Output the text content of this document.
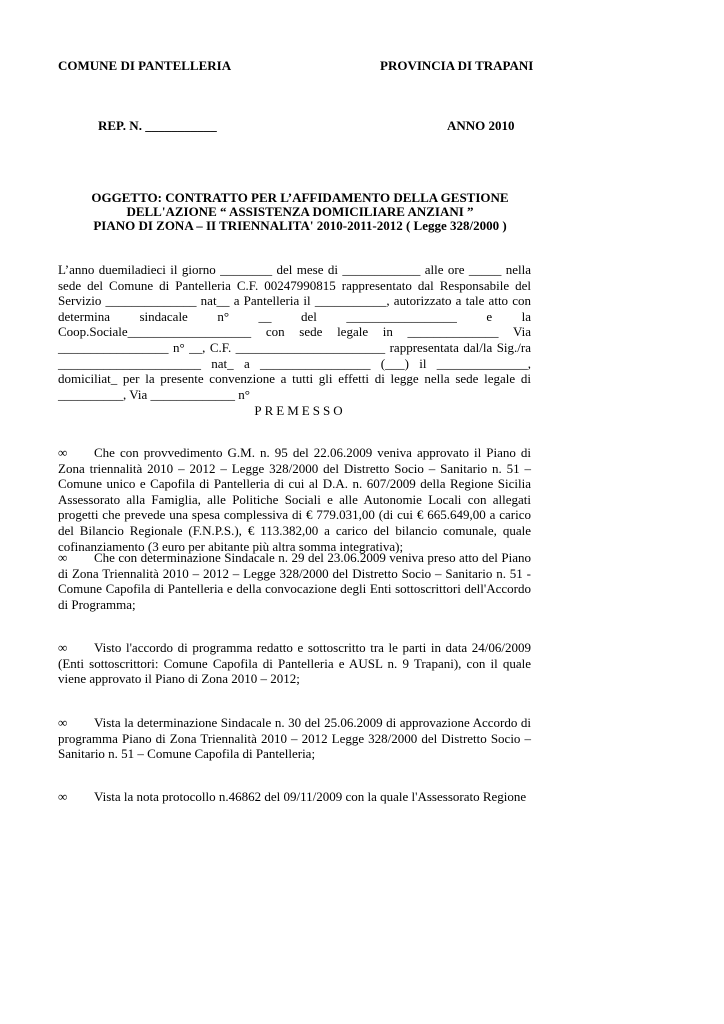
COMUNE DI PANTELLERIA	PROVINCIA DI TRAPANI
REP. N. ___________	ANNO 2010
OGGETTO: CONTRATTO PER L’AFFIDAMENTO DELLA GESTIONE
DELL'AZIONE “ ASSISTENZA DOMICILIARE ANZIANI ”
PIANO DI ZONA – II TRIENNALITA' 2010-2011-2012 ( Legge 328/2000 )
L’anno duemiladieci il giorno ________ del mese di ____________ alle ore _____ nella sede del Comune di Pantelleria C.F. 00247990815 rappresentato dal Responsabile del Servizio ______________ nat__ a Pantelleria il ___________, autorizzato a tale atto con determina sindacale n° __ del _________________ e la Coop.Sociale___________________ con sede legale in ______________ Via _________________ n° __, C.F. _______________________ rappresentata dal/la Sig./ra ______________________ nat_ a _________________ (___) il ______________, domiciliat_ per la presente convenzione a tutti gli effetti di legge nella sede legale di __________, Via _____________ n°
PREMESSO
∞ Che con provvedimento G.M. n. 95 del 22.06.2009 veniva approvato il Piano di Zona triennalità 2010 – 2012 – Legge 328/2000 del Distretto Socio – Sanitario n. 51 – Comune unico e Capofila di Pantelleria di cui al D.A. n. 607/2009 della Regione Sicilia Assessorato alla Famiglia, alle Politiche Sociali e alle Autonomie Locali con allegati progetti che prevede una spesa complessiva di € 779.031,00 (di cui € 665.649,00 a carico del Bilancio Regionale (F.N.P.S.), € 113.382,00 a carico del bilancio comunale, quale cofinanziamento (3 euro per abitante più altra somma integrativa);
∞ Che con determinazione Sindacale n. 29 del 23.06.2009 veniva preso atto del Piano di Zona Triennalità 2010 – 2012 – Legge 328/2000 del Distretto Socio – Sanitario n. 51 - Comune Capofila di Pantelleria e della convocazione degli Enti sottoscrittori dell'Accordo di Programma;
∞ Visto l'accordo di programma redatto e sottoscritto tra le parti in data 24/06/2009 (Enti sottoscrittori: Comune Capofila di Pantelleria e AUSL n. 9 Trapani), con il quale viene approvato il Piano di Zona 2010 – 2012;
∞ Vista la determinazione Sindacale n. 30 del 25.06.2009 di approvazione Accordo di programma Piano di Zona Triennalità 2010 – 2012 Legge 328/2000 del Distretto Socio – Sanitario n. 51 – Comune Capofila di Pantelleria;
∞ Vista la nota protocollo n.46862 del 09/11/2009 con la quale l'Assessorato Regione
